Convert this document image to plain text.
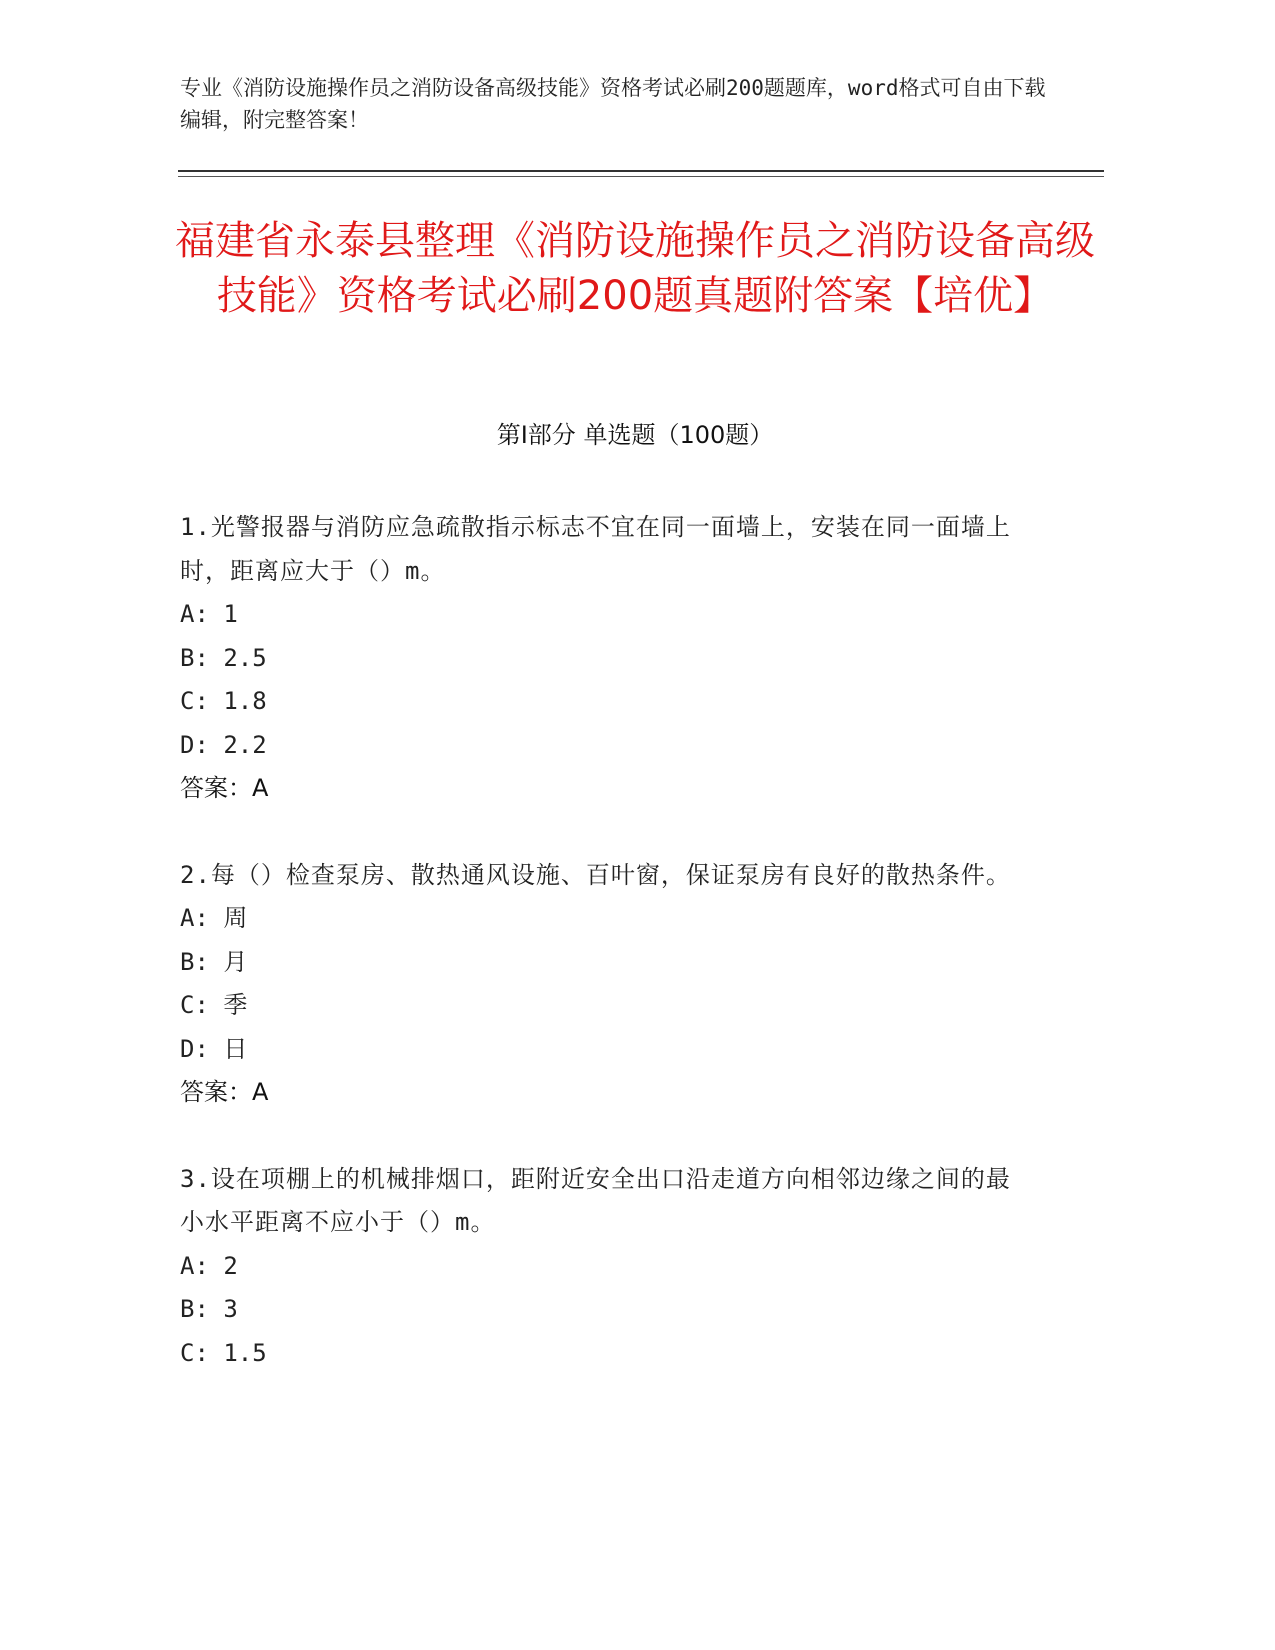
专业《消防设施操作员之消防设备高级技能》资格考试必刷200题题库，word格式可自由下载编辑，附完整答案！

福建省永泰县整理《消防设施操作员之消防设备高级技能》资格考试必刷200题真题附答案【培优】
第Ⅰ部分 单选题（100题）

1.光警报器与消防应急疏散指示标志不宜在同一面墙上，安装在同一面墙上时，距离应大于（）m。

A: 1

B: 2.5

C: 1.8

D: 2.2

答案：A

2.每（）检查泵房、散热通风设施、百叶窗，保证泵房有良好的散热条件。

A: 周

B: 月

C: 季

D: 日

答案：A

3.设在项棚上的机械排烟口，距附近安全出口沿走道方向相邻边缘之间的最小水平距离不应小于（）m。

A: 2

B: 3

C: 1.5
